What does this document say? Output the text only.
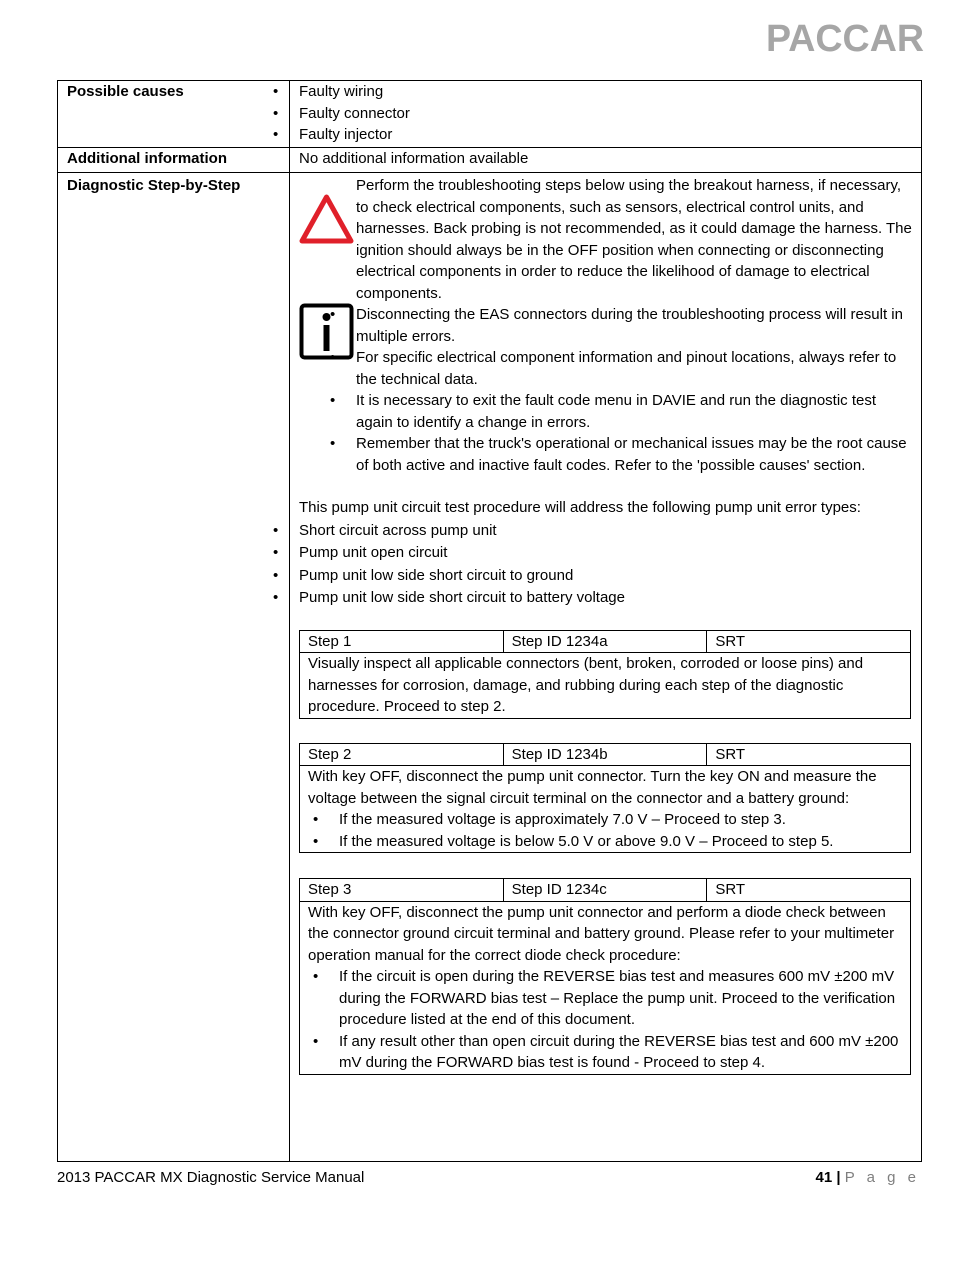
PACCAR
Possible causes	
•Faulty wiring
• Faulty connector
• Faulty injector

Additional information	No additional information available
Diagnostic Step-by-Step	Perform the troubleshooting steps below using the breakout harness, if necessary, to check electrical components, such as sensors, electrical control units, and harnesses. Back probing is not recommended, as it could damage the harness. The ignition should always be in the OFF position when connecting or disconnecting electrical components in order to reduce the likelihood of damage to electrical components.
• Disconnecting the EAS connectors during the troubleshooting process will result in multiple errors.
• For specific electrical component information and pinout locations, always refer to the technical data.
• It is necessary to exit the fault code menu in DAVIE and run the diagnostic test again to identify a change in errors.
• Remember that the truck's operational or mechanical issues may be the root cause of both active and inactive fault codes. Refer to the 'possible causes' section.
This pump unit circuit test procedure will address the following pump unit error types:
• Short circuit across pump unit
• Pump unit open circuit
• Pump unit low side short circuit to ground
• Pump unit low side short circuit to battery voltage
Step 1	Step ID 1234a	SRT

Visually inspect all applicable connectors (bent, broken, corroded or loose pins) and harnesses for corrosion, damage, and rubbing during each step of the diagnostic procedure. Proceed to step 2.
Step 2	Step ID 1234b	SRT

With key OFF, disconnect the pump unit connector. Turn the key ON and measure the voltage between the signal circuit terminal on the connector and a battery ground:
• If the measured voltage is approximately 7.0 V – Proceed to step 3.
• If the measured voltage is below 5.0 V or above 9.0 V – Proceed to step 5.
Step 3	Step ID 1234c	SRT

With key OFF, disconnect the pump unit connector and perform a diode check between the connector ground circuit terminal and battery ground. Please refer to your multimeter operation manual for the correct diode check procedure:
• If the circuit is open during the REVERSE bias test and measures 600 mV ±200 mV during the FORWARD bias test – Replace the pump unit. Proceed to the verification procedure listed at the end of this document.
• If any result other than open circuit during the REVERSE bias test and 600 mV ±200 mV during the FORWARD bias test is found - Proceed to step 4.
2013 PACCAR MX Diagnostic Service Manual	41 | P a g e
